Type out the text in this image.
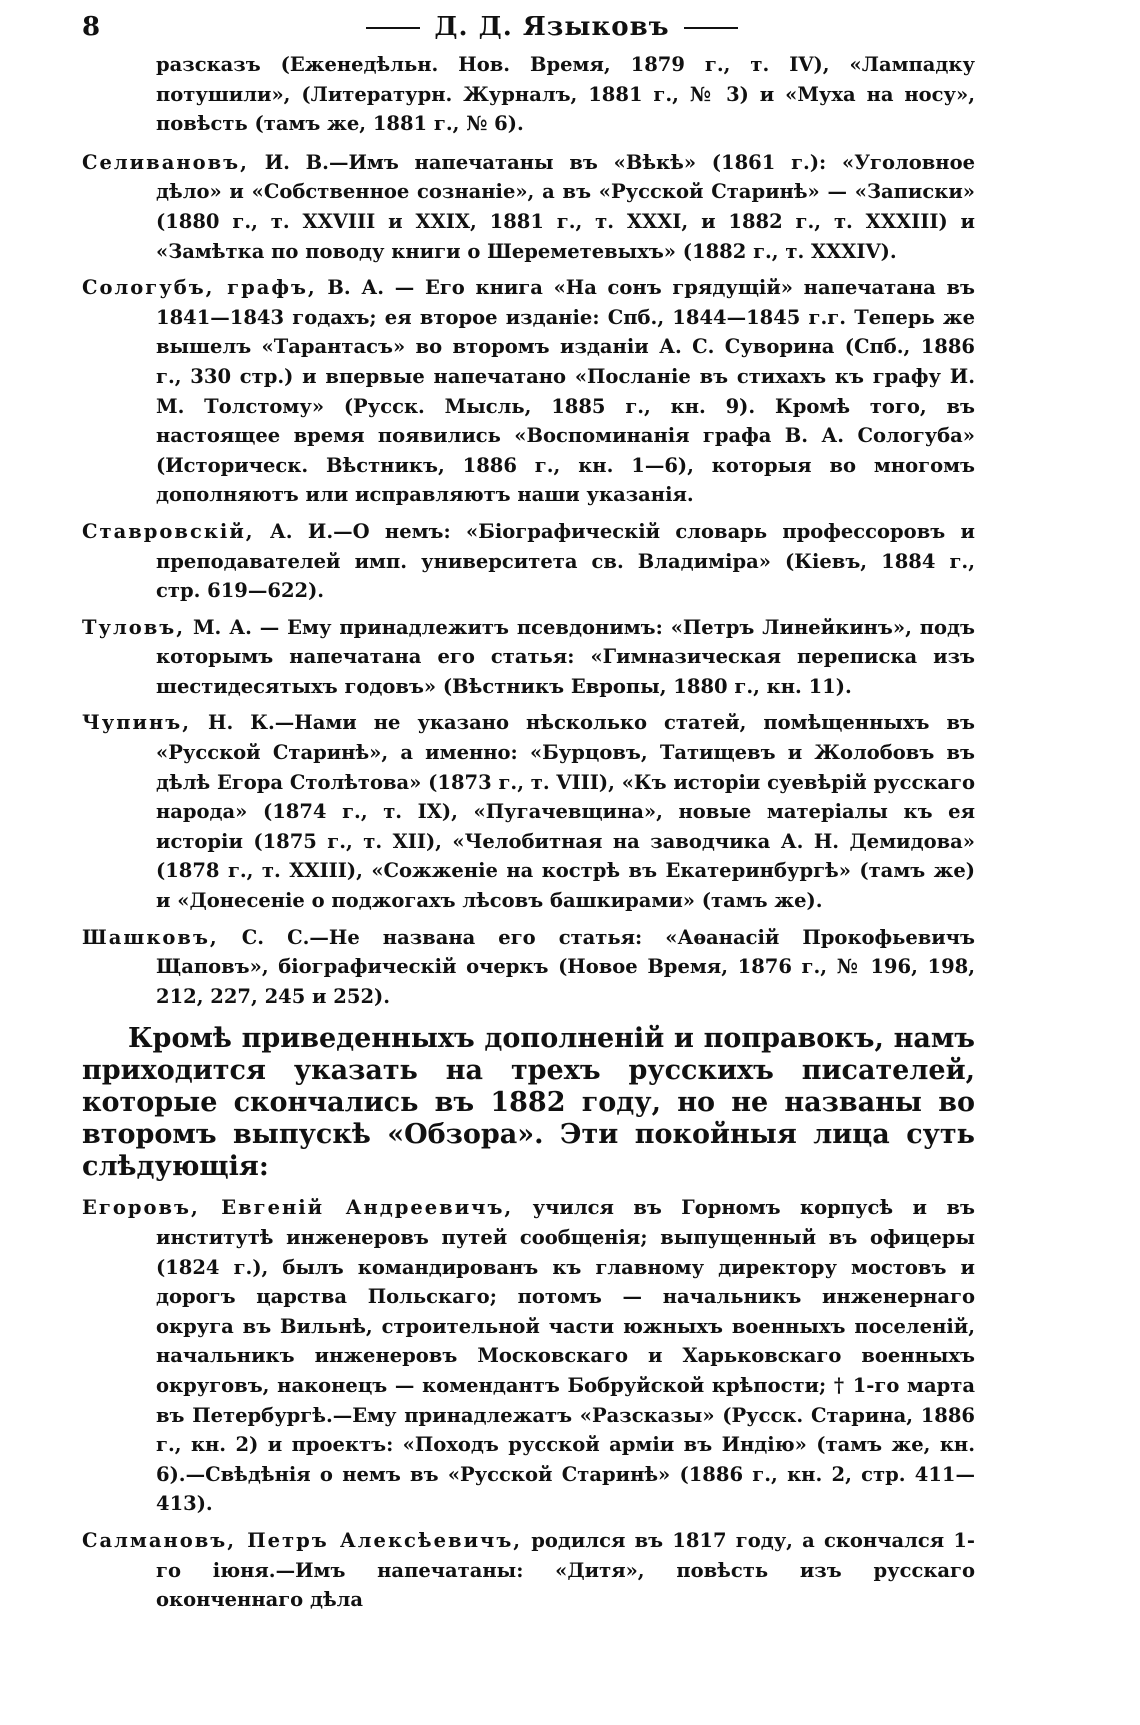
8	Д. Д. Языковъ

разсказъ (Еженедѣльн. Нов. Время, 1879 г., т. IV), «Лампадку потушили», (Литературн. Журналъ, 1881 г., № 3) и «Муха на носу», повѣсть (тамъ же, 1881 г., № 6).

Селивановъ, И. В.—Имъ напечатаны въ «Вѣкѣ» (1861 г.): «Уголовное дѣло» и «Собственное сознаніе», а въ «Русской Старинѣ» — «Записки» (1880 г., т. XXVIII и XXIX, 1881 г., т. XXXI, и 1882 г., т. XXXIII) и «Замѣтка по поводу книги о Шереметевыхъ» (1882 г., т. XXXIV).

Сологубъ, графъ, В. А. — Его книга «На сонъ грядущій» напечатана въ 1841—1843 годахъ; ея второе изданіе: Спб., 1844—1845 г.г. Теперь же вышелъ «Тарантасъ» во второмъ изданіи А. С. Суворина (Спб., 1886 г., 330 стр.) и впервые напечатано «Посланіе въ стихахъ къ графу И. М. Толстому» (Русск. Мысль, 1885 г., кн. 9). Кромѣ того, въ настоящее время появились «Воспоминанія графа В. А. Сологуба» (Историческ. Вѣстникъ, 1886 г., кн. 1—6), которыя во многомъ дополняютъ или исправляютъ наши указанія.

Ставровскій, А. И.—О немъ: «Біографическій словарь профессоровъ и преподавателей имп. университета св. Владиміра» (Кіевъ, 1884 г., стр. 619—622).

Туловъ, М. А. — Ему принадлежитъ псевдонимъ: «Петръ Линейкинъ», подъ которымъ напечатана его статья: «Гимназическая переписка изъ шестидесятыхъ годовъ» (Вѣстникъ Европы, 1880 г., кн. 11).

Чупинъ, Н. К.—Нами не указано нѣсколько статей, помѣщенныхъ въ «Русской Старинѣ», а именно: «Бурцовъ, Татищевъ и Жолобовъ въ дѣлѣ Егора Столѣтова» (1873 г., т. VIII), «Къ исторіи суевѣрій русскаго народа» (1874 г., т. IX), «Пугачевщина», новые матеріалы къ ея исторіи (1875 г., т. XII), «Челобитная на заводчика А. Н. Демидова» (1878 г., т. XXIII), «Сожженіе на кострѣ въ Екатеринбургѣ» (тамъ же) и «Донесеніе о поджогахъ лѣсовъ башкирами» (тамъ же).

Шашковъ, С. С.—Не названа его статья: «Аѳанасій Прокофьевичъ Щаповъ», біографическій очеркъ (Новое Время, 1876 г., № 196, 198, 212, 227, 245 и 252).

Кромѣ приведенныхъ дополненій и поправокъ, намъ приходится указать на трехъ русскихъ писателей, которые скончались въ 1882 году, но не названы во второмъ выпускѣ «Обзора». Эти покойныя лица суть слѣдующія:

Егоровъ, Евгеній Андреевичъ, учился въ Горномъ корпусѣ и въ институтѣ инженеровъ путей сообщенія; выпущенный въ офицеры (1824 г.), былъ командированъ къ главному директору мостовъ и дорогъ царства Польскаго; потомъ — начальникъ инженернаго округа въ Вильнѣ, строительной части южныхъ военныхъ поселеній, начальникъ инженеровъ Московскаго и Харьковскаго военныхъ округовъ, наконецъ — комендантъ Бобруйской крѣпости; † 1-го марта въ Петербургѣ.—Ему принадлежатъ «Разсказы» (Русск. Старина, 1886 г., кн. 2) и проектъ: «Походъ русской арміи въ Индію» (тамъ же, кн. 6).—Свѣдѣнія о немъ въ «Русской Старинѣ» (1886 г., кн. 2, стр. 411—413).

Салмановъ, Петръ Алексѣевичъ, родился въ 1817 году, а скончался 1-го іюня.—Имъ напечатаны: «Дитя», повѣсть изъ русскаго оконченнаго дѣла
